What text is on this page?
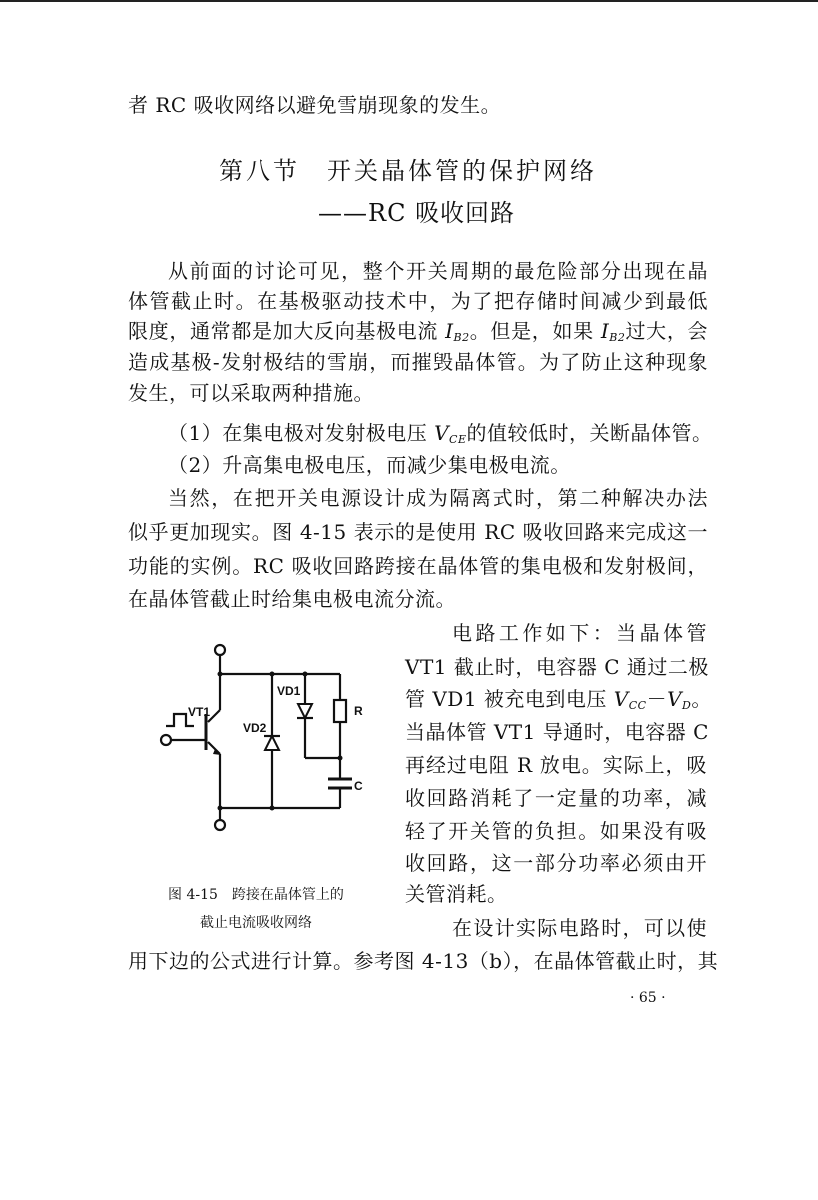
者 RC 吸收网络以避免雪崩现象的发生。
第八节　开关晶体管的保护网络
——RC 吸收回路
从前面的讨论可见，整个开关周期的最危险部分出现在晶
体管截止时。在基极驱动技术中，为了把存储时间减少到最低
限度，通常都是加大反向基极电流 $I_{B2}$。但是，如果 $I_{B2}$过大，会
造成基极-发射极结的雪崩，而摧毁晶体管。为了防止这种现象
发生，可以采取两种措施。
（1）在集电极对发射极电压 $V_{CE}$的值较低时，关断晶体管。
（2）升高集电极电压，而减少集电极电流。
当然，在把开关电源设计成为隔离式时，第二种解决办法
似乎更加现实。图 4-15 表示的是使用 RC 吸收回路来完成这一
功能的实例。RC 吸收回路跨接在晶体管的集电极和发射极间，
在晶体管截止时给集电极电流分流。
VT1
VD1
VD2
R
C
图 4-15　跨接在晶体管上的
截止电流吸收网络
电路工作如下：当晶体管
VT1 截止时，电容器 C 通过二极
管 VD1 被充电到电压 $V_{CC}-V_D$。
当晶体管 VT1 导通时，电容器 C
再经过电阻 R 放电。实际上，吸
收回路消耗了一定量的功率，减
轻了开关管的负担。如果没有吸
收回路，这一部分功率必须由开
关管消耗。
在设计实际电路时，可以使
用下边的公式进行计算。参考图 4-13（b），在晶体管截止时，其
· 65 ·
